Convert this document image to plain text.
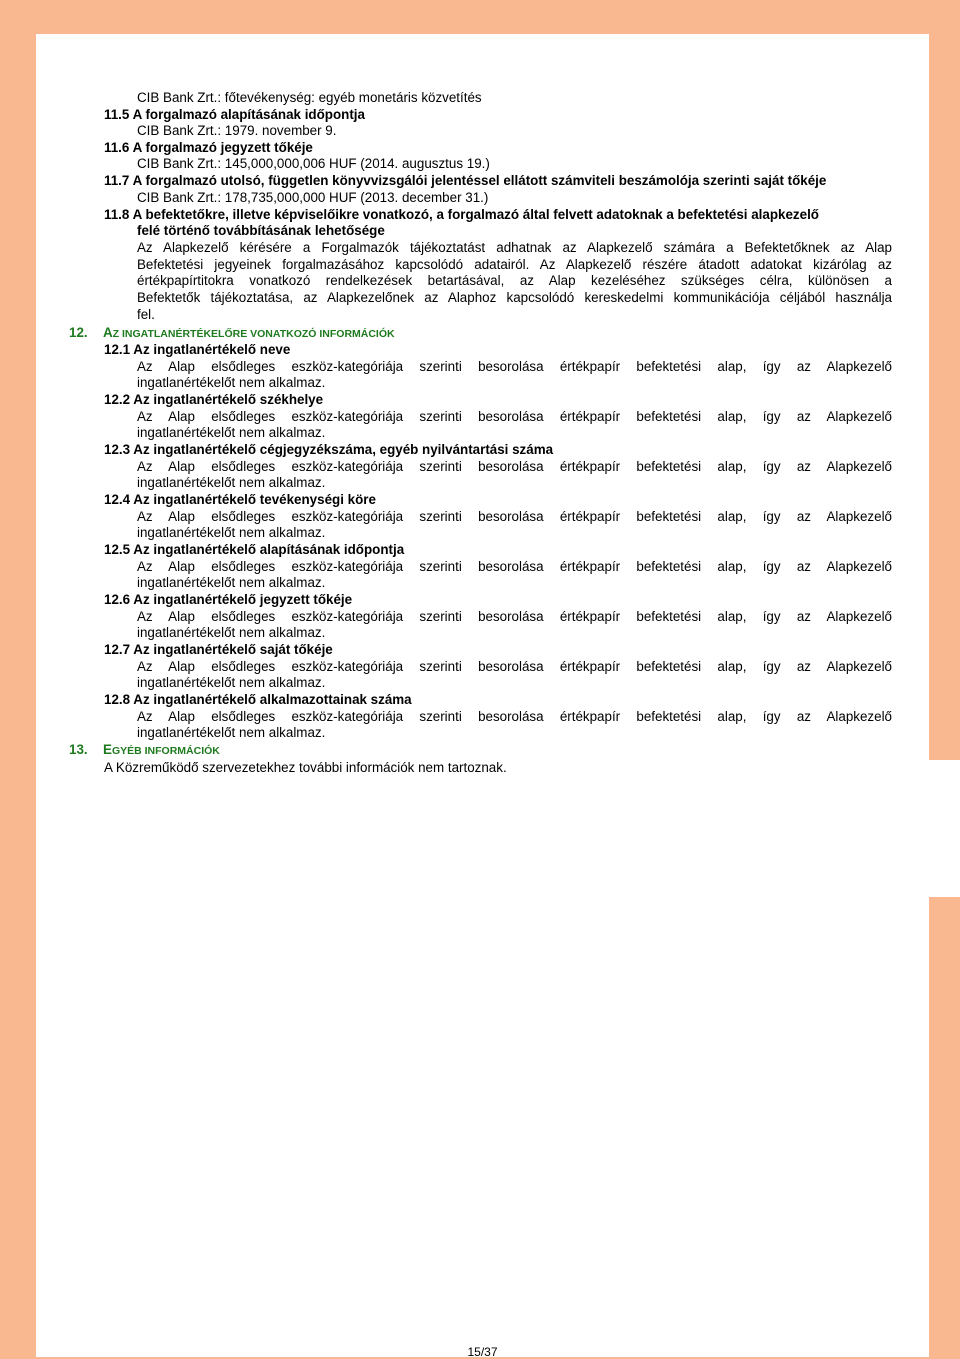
CIB Bank Zrt.: főtevékenység: egyéb monetáris közvetítés
11.5 A forgalmazó alapításának időpontja
CIB Bank Zrt.: 1979. november 9.
11.6 A forgalmazó jegyzett tőkéje
CIB Bank Zrt.: 145,000,000,006 HUF (2014. augusztus 19.)
11.7 A forgalmazó utolsó, független könyvvizsgálói jelentéssel ellátott számviteli beszámolója szerinti saját tőkéje
CIB Bank Zrt.: 178,735,000,000 HUF (2013. december 31.)
11.8 A befektetőkre, illetve képviselőikre vonatkozó, a forgalmazó által felvett adatoknak a befektetési alapkezelő
felé történő továbbításának lehetősége
Az Alapkezelő kérésére a Forgalmazók tájékoztatást adhatnak az Alapkezelő számára a Befektetőknek az Alap
Befektetési jegyeinek forgalmazásához kapcsolódó adatairól. Az Alapkezelő részére átadott adatokat kizárólag az
értékpapírtitokra vonatkozó rendelkezések betartásával, az Alap kezeléséhez szükséges célra, különösen a
Befektetők tájékoztatása, az Alapkezelőnek az Alaphoz kapcsolódó kereskedelmi kommunikációja céljából használja
fel.
12. AZ INGATLANÉRTÉKELŐRE VONATKOZÓ INFORMÁCIÓK
12.1 Az ingatlanértékelő neve
Az Alap elsődleges eszköz-kategóriája szerinti besorolása értékpapír befektetési alap, így az Alapkezelő
ingatlanértékelőt nem alkalmaz.
12.2 Az ingatlanértékelő székhelye
Az Alap elsődleges eszköz-kategóriája szerinti besorolása értékpapír befektetési alap, így az Alapkezelő
ingatlanértékelőt nem alkalmaz.
12.3 Az ingatlanértékelő cégjegyzékszáma, egyéb nyilvántartási száma
Az Alap elsődleges eszköz-kategóriája szerinti besorolása értékpapír befektetési alap, így az Alapkezelő
ingatlanértékelőt nem alkalmaz.
12.4 Az ingatlanértékelő tevékenységi köre
Az Alap elsődleges eszköz-kategóriája szerinti besorolása értékpapír befektetési alap, így az Alapkezelő
ingatlanértékelőt nem alkalmaz.
12.5 Az ingatlanértékelő alapításának időpontja
Az Alap elsődleges eszköz-kategóriája szerinti besorolása értékpapír befektetési alap, így az Alapkezelő
ingatlanértékelőt nem alkalmaz.
12.6 Az ingatlanértékelő jegyzett tőkéje
Az Alap elsődleges eszköz-kategóriája szerinti besorolása értékpapír befektetési alap, így az Alapkezelő
ingatlanértékelőt nem alkalmaz.
12.7 Az ingatlanértékelő saját tőkéje
Az Alap elsődleges eszköz-kategóriája szerinti besorolása értékpapír befektetési alap, így az Alapkezelő
ingatlanértékelőt nem alkalmaz.
12.8 Az ingatlanértékelő alkalmazottainak száma
Az Alap elsődleges eszköz-kategóriája szerinti besorolása értékpapír befektetési alap, így az Alapkezelő
ingatlanértékelőt nem alkalmaz.
13. EGYÉB INFORMÁCIÓK
A Közreműködő szervezetekhez további információk nem tartoznak.
15/37
